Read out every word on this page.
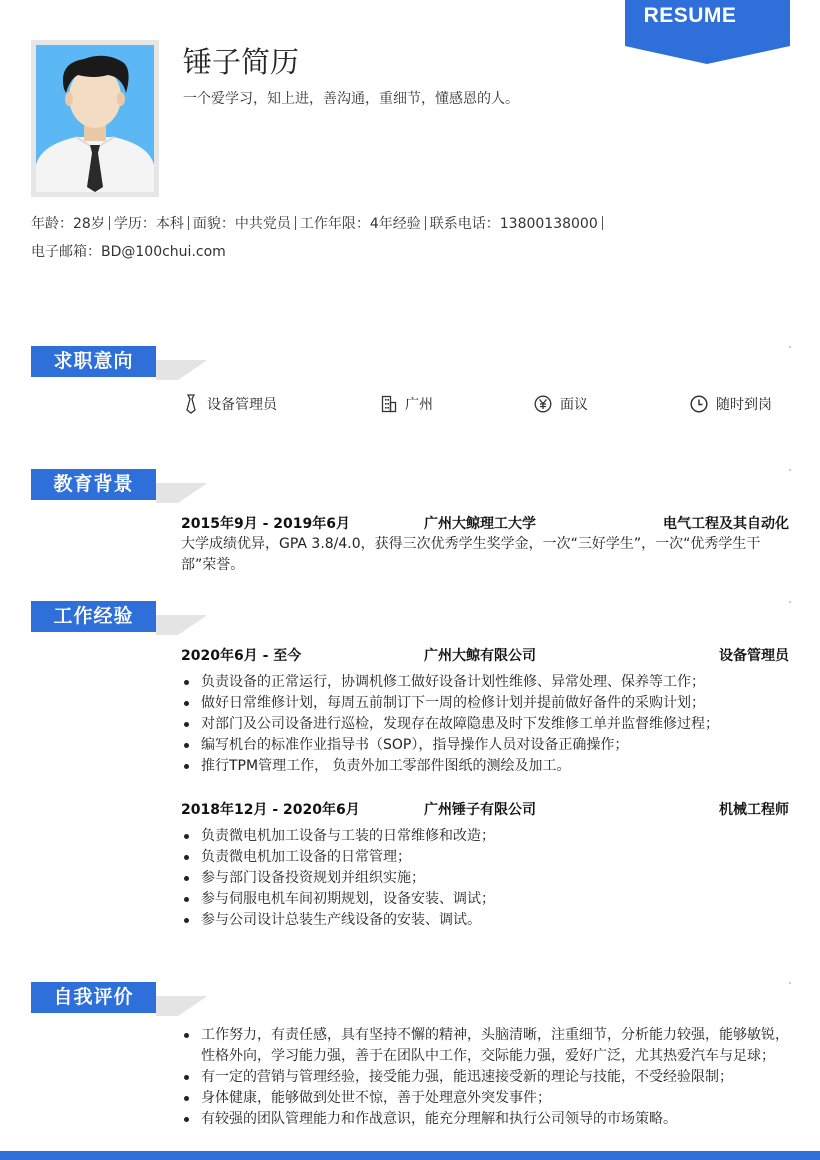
RESUME
锤子简历
一个爱学习，知上进，善沟通，重细节，懂感恩的人。
年龄：28岁 学历：本科 面貌：中共党员 工作年限：4年经验 联系电话：13800138000
电子邮箱：BD@100chui.com
求职意向
设备管理员	广州	面议	随时到岗
教育背景
2015年9月 - 2019年6月	广州大鲸理工大学	电气工程及其自动化
大学成绩优异，GPA 3.8/4.0，获得三次优秀学生奖学金，一次“三好学生”，一次“优秀学生干部”荣誉。
工作经验
2020年6月 - 至今	广州大鲸有限公司	设备管理员
负责设备的正常运行，协调机修工做好设备计划性维修、异常处理、保养等工作；
做好日常维修计划，每周五前制订下一周的检修计划并提前做好备件的采购计划；
对部门及公司设备进行巡检，发现存在故障隐患及时下发维修工单并监督维修过程；
编写机台的标准作业指导书（SOP），指导操作人员对设备正确操作；
推行TPM管理工作， 负责外加工零部件图纸的测绘及加工。
2018年12月 - 2020年6月	广州锤子有限公司	机械工程师
负责微电机加工设备与工装的日常维修和改造；
负责微电机加工设备的日常管理；
参与部门设备投资规划并组织实施；
参与伺服电机车间初期规划，设备安装、调试；
参与公司设计总装生产线设备的安装、调试。
自我评价
工作努力，有责任感，具有坚持不懈的精神，头脑清晰，注重细节，分析能力较强，能够敏锐，性格外向，学习能力强，善于在团队中工作，交际能力强，爱好广泛，尤其热爱汽车与足球；
有一定的营销与管理经验，接受能力强，能迅速接受新的理论与技能，不受经验限制；
身体健康，能够做到处世不惊，善于处理意外突发事件；
有较强的团队管理能力和作战意识，能充分理解和执行公司领导的市场策略。
